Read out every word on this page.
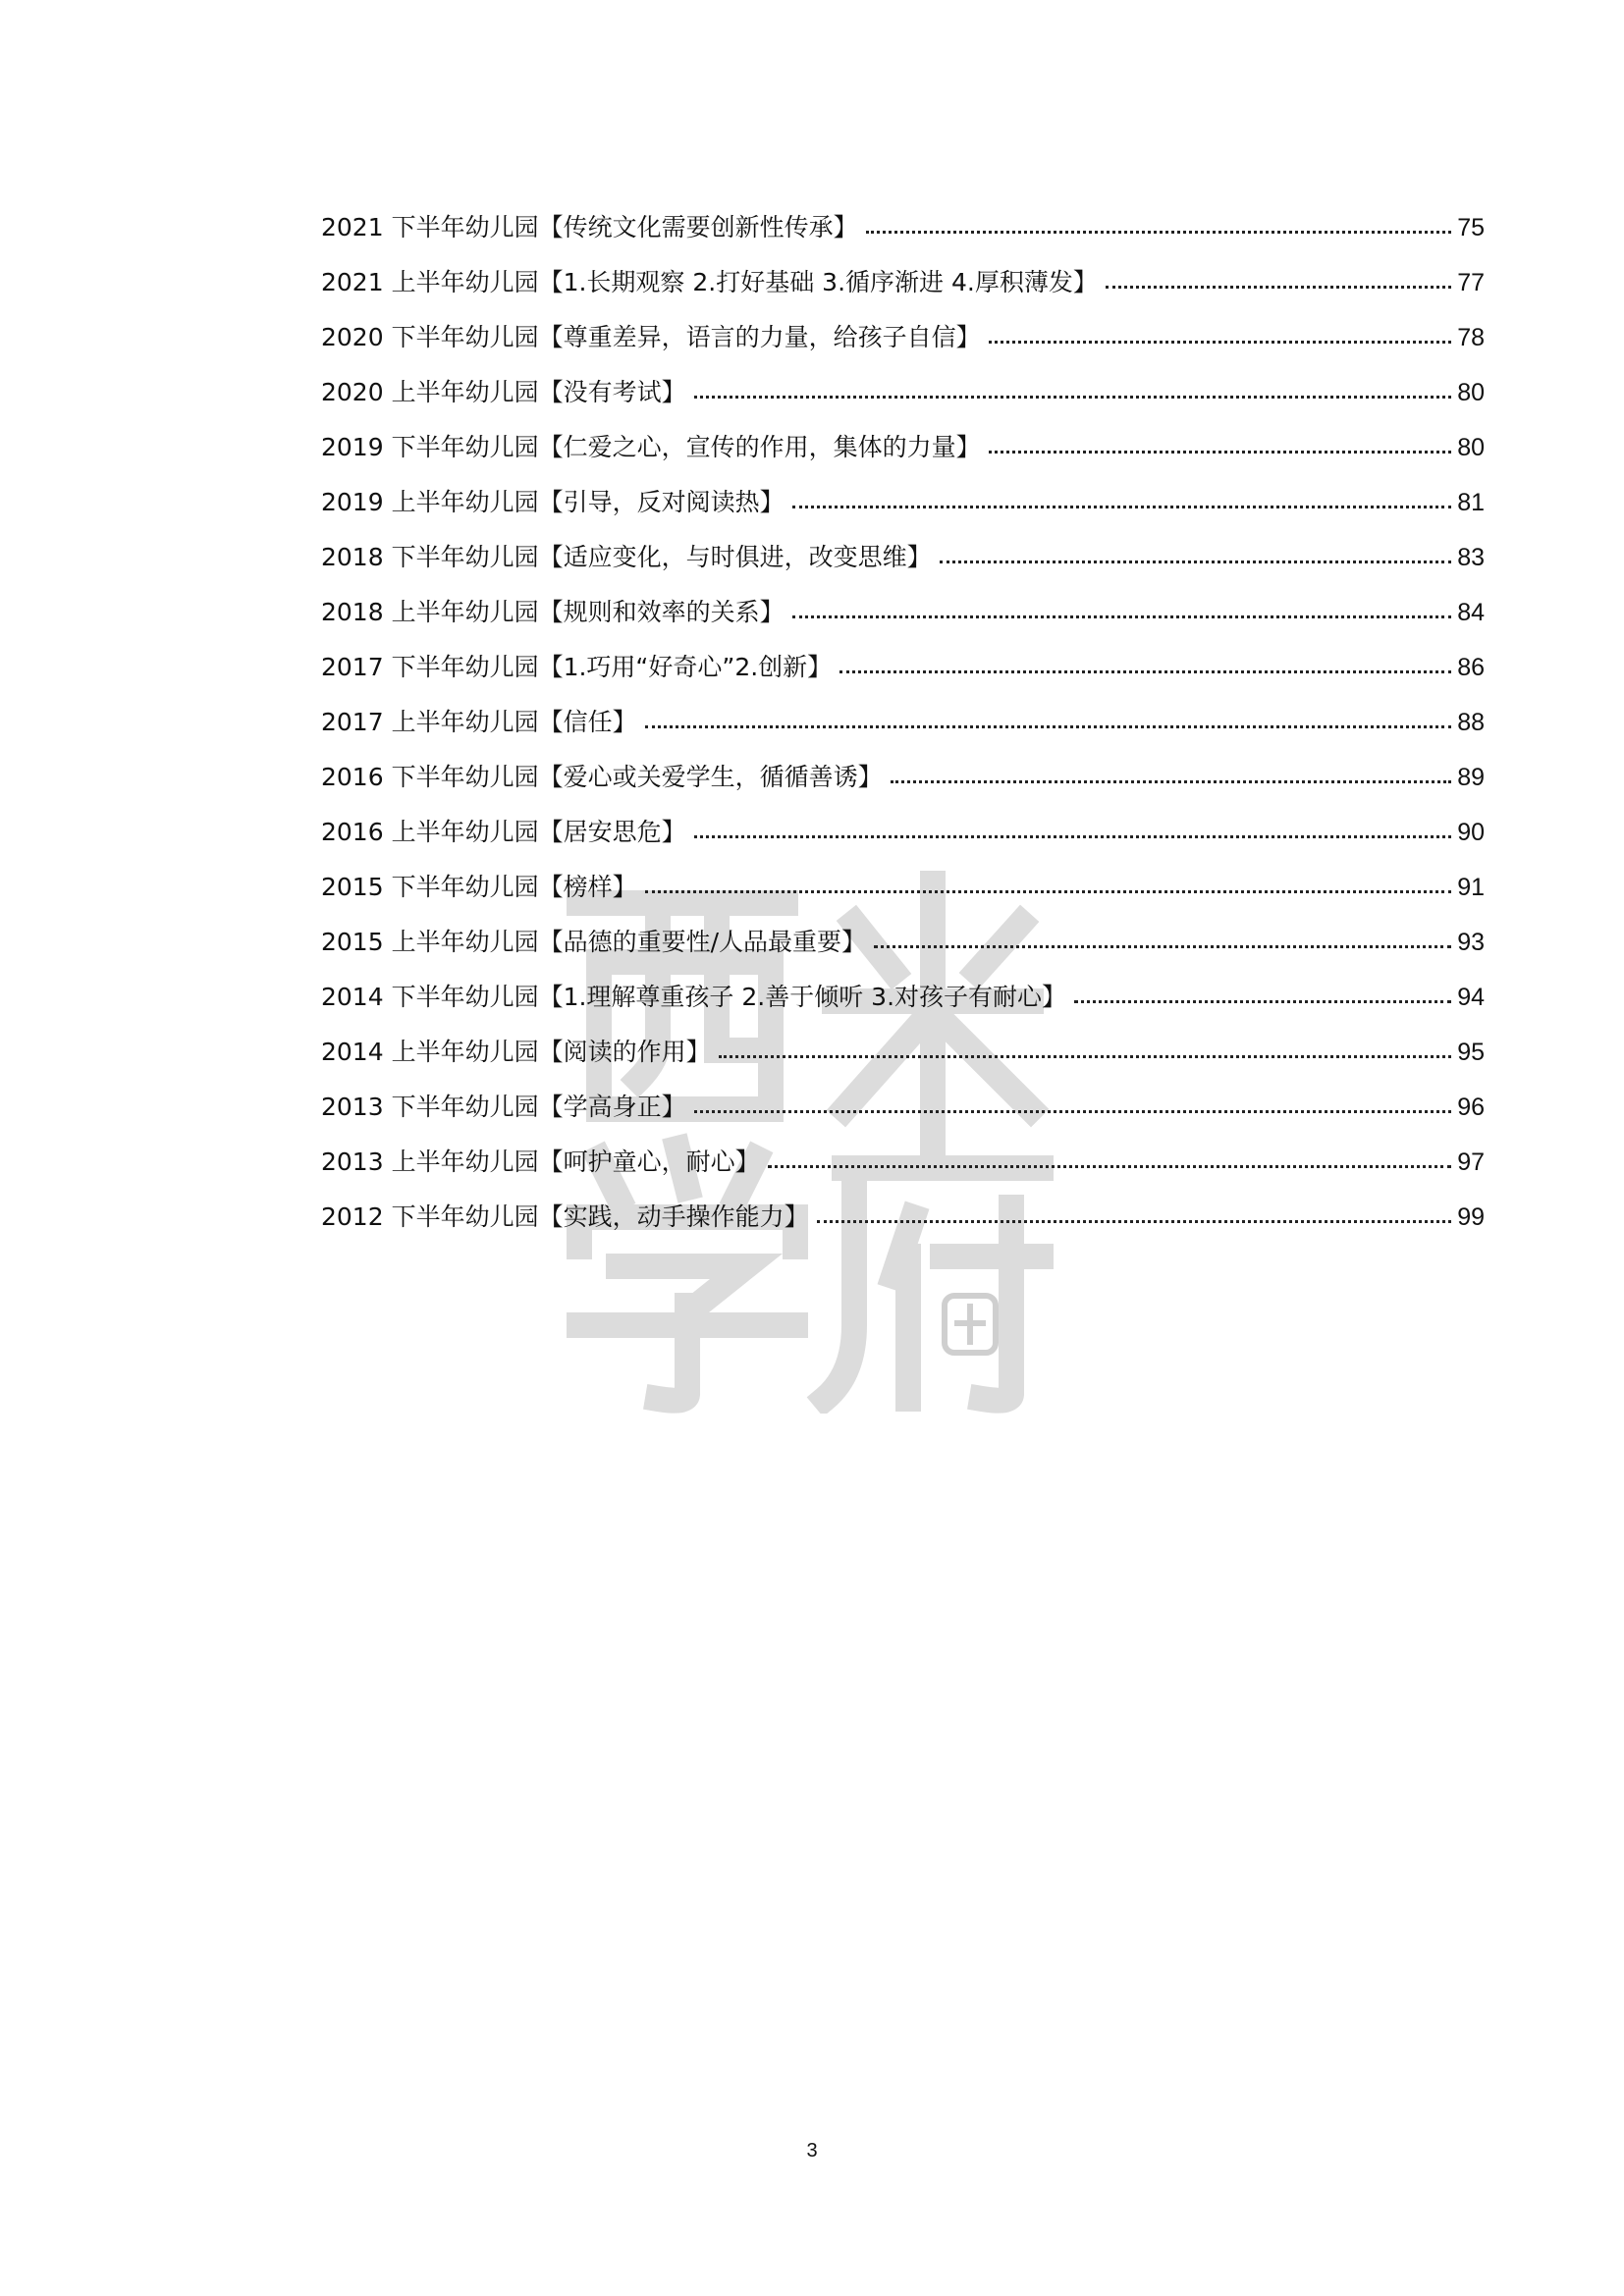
2021 下半年幼儿园【传统文化需要创新性传承】	75
2021 上半年幼儿园【1.长期观察 2.打好基础 3.循序渐进 4.厚积薄发】	77
2020 下半年幼儿园【尊重差异，语言的力量，给孩子自信】	78
2020 上半年幼儿园【没有考试】	80
2019 下半年幼儿园【仁爱之心，宣传的作用，集体的力量】	80
2019 上半年幼儿园【引导，反对阅读热】	81
2018 下半年幼儿园【适应变化，与时俱进，改变思维】	83
2018 上半年幼儿园【规则和效率的关系】	84
2017 下半年幼儿园【1.巧用“好奇心”2.创新】	86
2017 上半年幼儿园【信任】	88
2016 下半年幼儿园【爱心或关爱学生，循循善诱】	89
2016 上半年幼儿园【居安思危】	90
2015 下半年幼儿园【榜样】	91
2015 上半年幼儿园【品德的重要性/人品最重要】	93
2014 下半年幼儿园【1.理解尊重孩子 2.善于倾听 3.对孩子有耐心】	94
2014 上半年幼儿园【阅读的作用】	95
2013 下半年幼儿园【学高身正】	96
2013 上半年幼儿园【呵护童心，耐心】	97
2012 下半年幼儿园【实践，动手操作能力】	99
3
